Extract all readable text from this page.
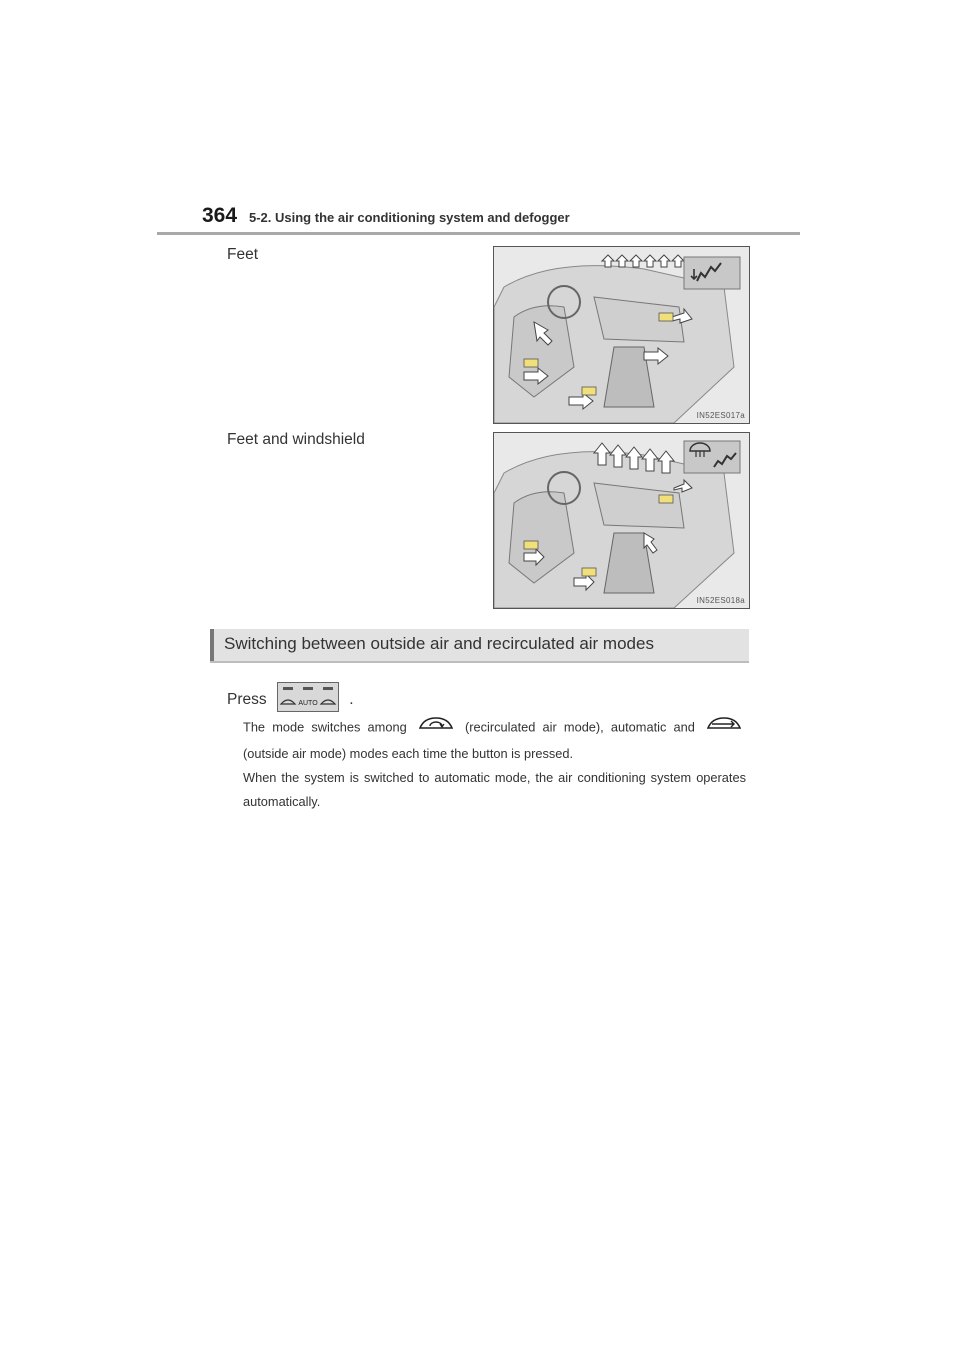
364 5-2. Using the air conditioning system and defogger
Feet
IN52ES017a
Feet and windshield
IN52ES018a
Switching between outside air and recirculated air modes
Press	AUTO .
The mode switches among	(recirculated air mode), automatic and  (outside air mode) modes each time the button is pressed.
When the system is switched to automatic mode, the air conditioning system operates automatically.
